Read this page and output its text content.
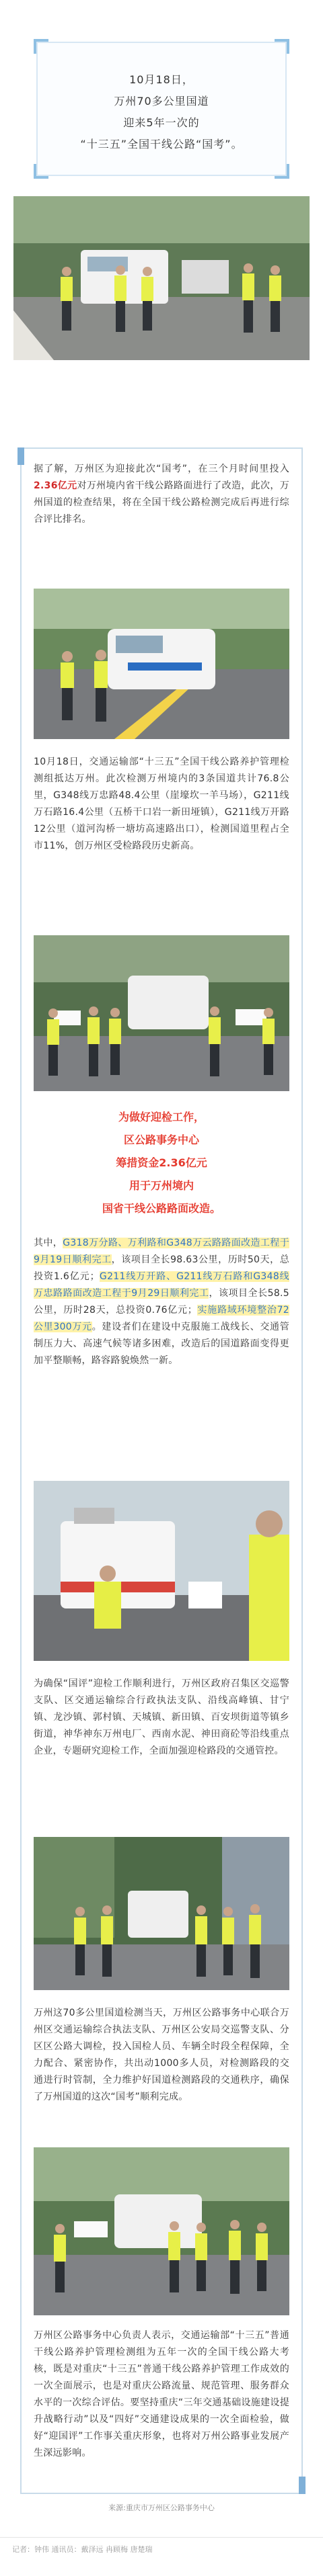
10月18日，
万州70多公里国道
迎来5年一次的
“十三五”全国干线公路“国考”。

据了解，万州区为迎接此次“国考”，在三个月时间里投入2.36亿元对万州境内省干线公路路面进行了改造，此次，万州国道的检查结果，将在全国干线公路检测完成后再进行综合评比排名。

10月18日，交通运输部“十三五”全国干线公路养护管理检测组抵达万州。此次检测万州境内的3条国道共计76.8公里，G348线万忠路48.4公里（崖壕坎一羊马场），G211线万石路16.4公里（五桥干口岩一新田垭镇），G211线万开路12公里（道河沟桥一塘坊高速路出口），检测国道里程占全市11%，创万州区受检路段历史新高。

为做好迎检工作，
区公路事务中心
筹措资金2.36亿元
用于万州境内
国省干线公路路面改造。

其中，G318万分路、万利路和G348万云路路面改造工程于9月19日顺利完工，该项目全长98.63公里，历时50天，总投资1.6亿元；G211线万开路、G211线万石路和G348线万忠路路面改造工程于9月29日顺利完工，该项目全长58.5公里，历时28天，总投资0.76亿元；实施路域环境整治72公里300万元。建设者们在建设中克服施工战线长、交通管制压力大、高速气候等诸多困难，改造后的国道路面变得更加平整顺畅，路容路貌焕然一新。

为确保“国评”迎检工作顺利进行，万州区政府召集区交巡警支队、区交通运输综合行政执法支队、沿线高峰镇、甘宁镇、龙沙镇、郭村镇、天城镇、新田镇、百安坝街道等镇乡街道，神华神东万州电厂、西南水泥、神田商砼等沿线重点企业，专题研究迎检工作，全面加强迎检路段的交通管控。

万州这70多公里国道检测当天，万州区公路事务中心联合万州区交通运输综合执法支队、万州区公安局交巡警支队、分区区公路大调检，投入国检人员、车辆全时段全程保障，全力配合、紧密协作，共出动1000多人员，对检测路段的交通进行时管制，全力维护好国道检测路段的交通秩序，确保了万州国道的这次“国考”顺利完成。

万州区公路事务中心负责人表示，交通运输部“十三五”普通干线公路养护管理检测组为五年一次的全国干线公路大考核，既是对重庆“十三五”普通干线公路养护管理工作成效的一次全面展示，也是对重庆公路流量、规范管理、服务群众水平的一次综合评估。要坚持重庆“三年交通基础设施建设提升战略行动”以及“四好”交通建设成果的一次全面检验，做好“迎国评”工作事关重庆形象，也将对万州公路事业发展产生深远影响。

来源:重庆市万州区公路事务中心
记者：钟伟 通讯员：戴泽远 冉顾梅 唐楚瑞
